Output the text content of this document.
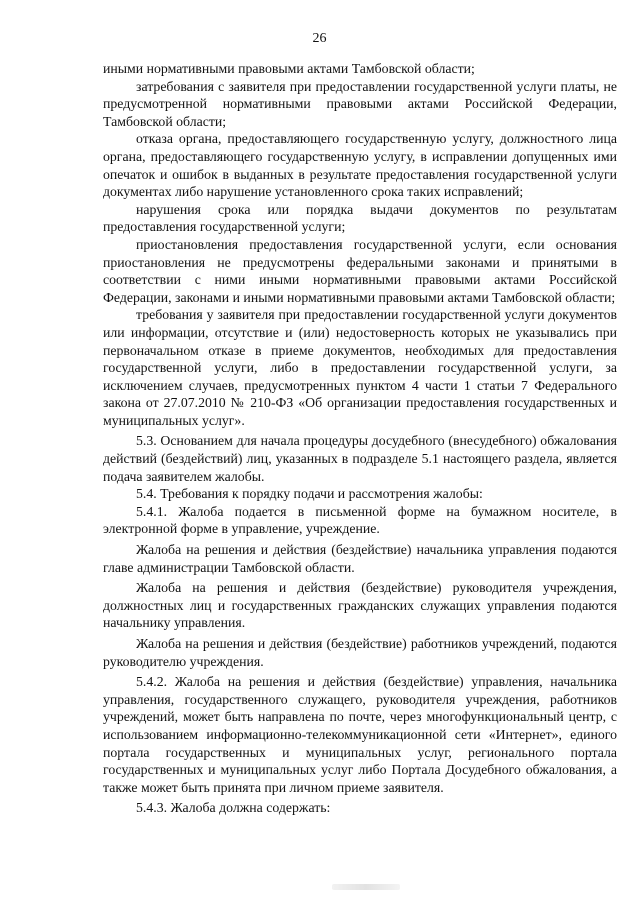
26

иными нормативными правовыми актами Тамбовской области;

затребования с заявителя при предоставлении государственной услуги платы, не предусмотренной нормативными правовыми актами Российской Федерации, Тамбовской области;

отказа органа, предоставляющего государственную услугу, должностного лица органа, предоставляющего государственную услугу, в исправлении допущенных ими опечаток и ошибок в выданных в результате предоставления государственной услуги документах либо нарушение установленного срока таких исправлений;

нарушения срока или порядка выдачи документов по результатам предоставления государственной услуги;

приостановления предоставления государственной услуги, если основания приостановления не предусмотрены федеральными законами и принятыми в соответствии с ними иными нормативными правовыми актами Российской Федерации, законами и иными нормативными правовыми актами Тамбовской области;

требования у заявителя при предоставлении государственной услуги документов или информации, отсутствие и (или) недостоверность которых не указывались при первоначальном отказе в приеме документов, необходимых для предоставления государственной услуги, либо в предоставлении государственной услуги, за исключением случаев, предусмотренных пунктом 4 части 1 статьи 7 Федерального закона от 27.07.2010 № 210-ФЗ «Об организации предоставления государственных и муниципальных услуг».

5.3. Основанием для начала процедуры досудебного (внесудебного) обжалования действий (бездействий) лиц, указанных в подразделе 5.1 настоящего раздела, является подача заявителем жалобы.

5.4. Требования к порядку подачи и рассмотрения жалобы:

5.4.1. Жалоба подается в письменной форме на бумажном носителе, в электронной форме в управление, учреждение.

Жалоба на решения и действия (бездействие) начальника управления подаются главе администрации Тамбовской области.

Жалоба на решения и действия (бездействие) руководителя учреждения, должностных лиц и государственных гражданских служащих управления подаются начальнику управления.

Жалоба на решения и действия (бездействие) работников учреждений, подаются руководителю учреждения.

5.4.2. Жалоба на решения и действия (бездействие) управления, начальника управления, государственного служащего, руководителя учреждения, работников учреждений, может быть направлена по почте, через многофункциональный центр, с использованием информационно-телекоммуникационной сети «Интернет», единого портала государственных и муниципальных услуг, регионального портала государственных и муниципальных услуг либо Портала Досудебного обжалования, а также может быть принята при личном приеме заявителя.

5.4.3. Жалоба должна содержать:
